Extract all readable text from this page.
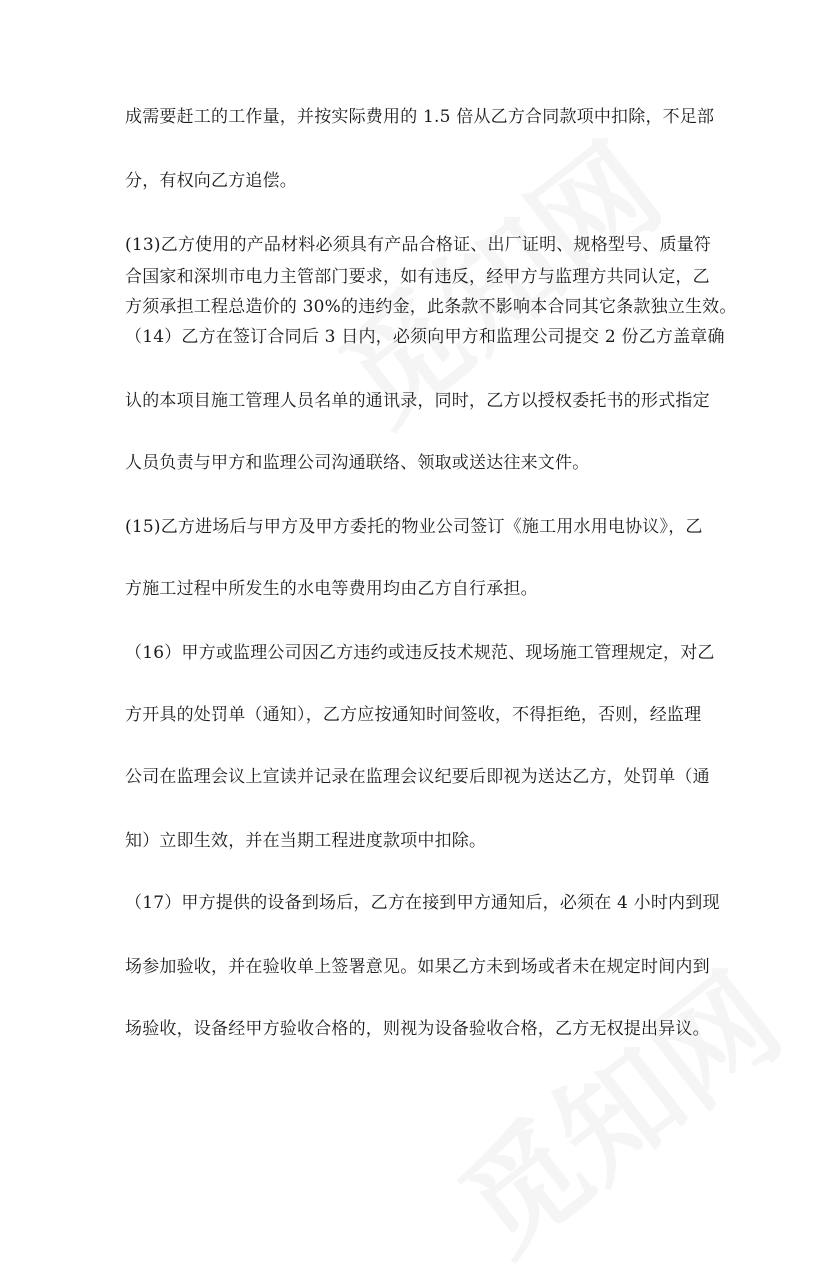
成需要赶工的工作量，并按实际费用的 1.5 倍从乙方合同款项中扣除，不足部
分，有权向乙方追偿。
(13)乙方使用的产品材料必须具有产品合格证、出厂证明、规格型号、质量符
合国家和深圳市电力主管部门要求，如有违反，经甲方与监理方共同认定，乙
方须承担工程总造价的 30%的违约金，此条款不影响本合同其它条款独立生效。
（14）乙方在签订合同后 3 日内，必须向甲方和监理公司提交 2 份乙方盖章确
认的本项目施工管理人员名单的通讯录，同时，乙方以授权委托书的形式指定
人员负责与甲方和监理公司沟通联络、领取或送达往来文件。
(15)乙方进场后与甲方及甲方委托的物业公司签订《施工用水用电协议》，乙
方施工过程中所发生的水电等费用均由乙方自行承担。
（16）甲方或监理公司因乙方违约或违反技术规范、现场施工管理规定，对乙
方开具的处罚单（通知），乙方应按通知时间签收，不得拒绝，否则，经监理
公司在监理会议上宣读并记录在监理会议纪要后即视为送达乙方，处罚单（通
知）立即生效，并在当期工程进度款项中扣除。
（17）甲方提供的设备到场后，乙方在接到甲方通知后，必须在 4 小时内到现
场参加验收，并在验收单上签署意见。如果乙方未到场或者未在规定时间内到
场验收，设备经甲方验收合格的，则视为设备验收合格，乙方无权提出异议。
